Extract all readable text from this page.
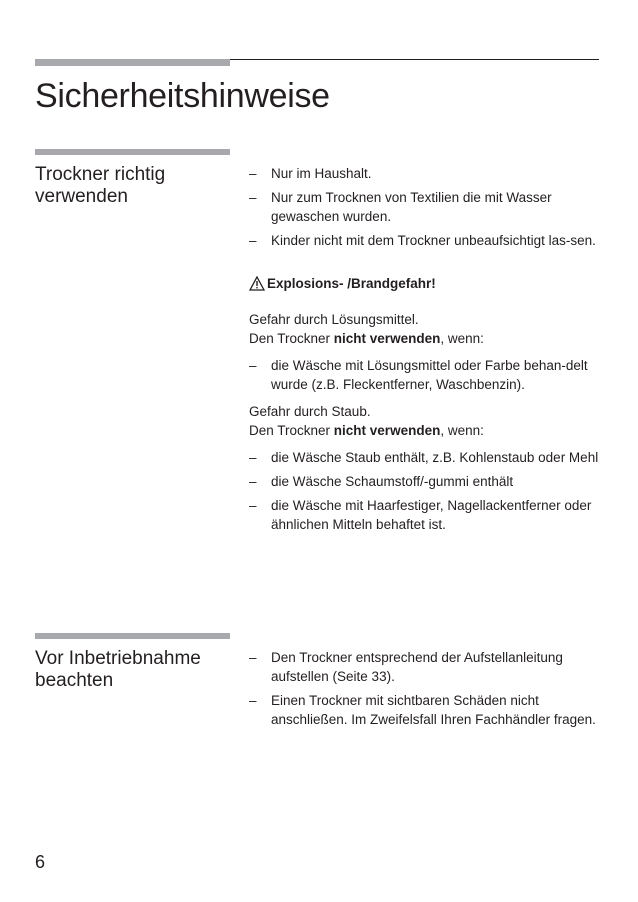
Sicherheitshinweise
Trockner richtig
verwenden
– Nur im Haushalt.
– Nur zum Trocknen von Textilien die mit Wasser gewaschen wurden.
– Kinder nicht mit dem Trockner unbeaufsichtigt las-sen.
Explosions- /Brandgefahr!
Gefahr durch Lösungsmittel.
Den Trockner nicht verwenden, wenn:
– die Wäsche mit Lösungsmittel oder Farbe behan-delt wurde (z.B. Fleckentferner, Waschbenzin).
Gefahr durch Staub.
Den Trockner nicht verwenden, wenn:
– die Wäsche Staub enthält, z.B. Kohlenstaub oder Mehl
– die Wäsche Schaumstoff/-gummi enthält
– die Wäsche mit Haarfestiger, Nagellackentferner oder ähnlichen Mitteln behaftet ist.
Vor Inbetriebnahme
beachten
– Den Trockner entsprechend der Aufstellanleitung aufstellen (Seite 33).
– Einen Trockner mit sichtbaren Schäden nicht anschließen. Im Zweifelsfall Ihren Fachhändler fragen.
6
